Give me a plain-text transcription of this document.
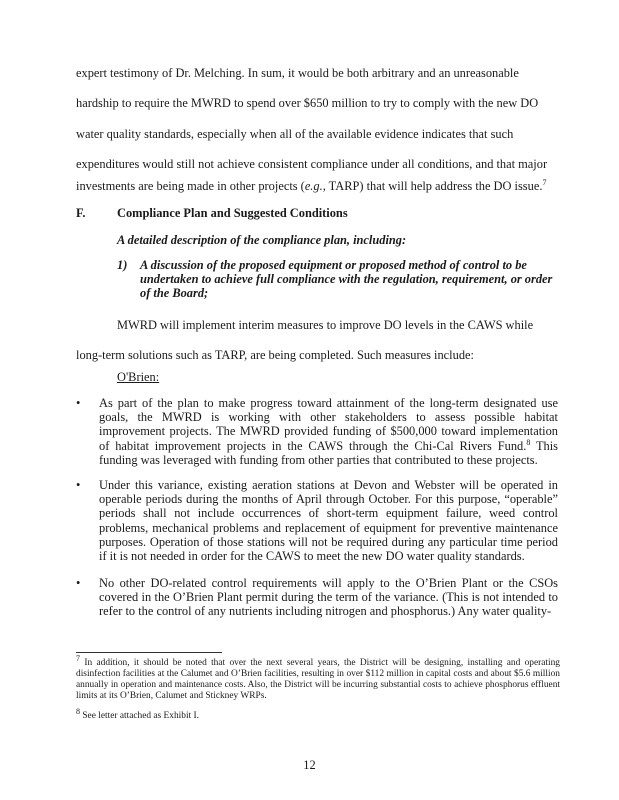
expert testimony of Dr. Melching. In sum, it would be both arbitrary and an unreasonable
hardship to require the MWRD to spend over $650 million to try to comply with the new DO
water quality standards, especially when all of the available evidence indicates that such
expenditures would still not achieve consistent compliance under all conditions, and that major
investments are being made in other projects (e.g., TARP) that will help address the DO issue.$^7$
F.	Compliance Plan and Suggested Conditions
A detailed description of the compliance plan, including:
1) A discussion of the proposed equipment or proposed method of control to be undertaken to achieve full compliance with the regulation, requirement, or order of the Board;
MWRD will implement interim measures to improve DO levels in the CAWS while
long-term solutions such as TARP, are being completed. Such measures include:
O'Brien:
•	As part of the plan to make progress toward attainment of the long-term designated use goals, the MWRD is working with other stakeholders to assess possible habitat improvement projects. The MWRD provided funding of $500,000 toward implementation of habitat improvement projects in the CAWS through the Chi-Cal Rivers Fund.$^8$ This funding was leveraged with funding from other parties that contributed to these projects.
•	Under this variance, existing aeration stations at Devon and Webster will be operated in operable periods during the months of April through October. For this purpose, “operable” periods shall not include occurrences of short-term equipment failure, weed control problems, mechanical problems and replacement of equipment for preventive maintenance purposes. Operation of those stations will not be required during any particular time period if it is not needed in order for the CAWS to meet the new DO water quality standards.
•	No other DO-related control requirements will apply to the O’Brien Plant or the CSOs covered in the O’Brien Plant permit during the term of the variance. (This is not intended to refer to the control of any nutrients including nitrogen and phosphorus.) Any water quality-
$^7$ In addition, it should be noted that over the next several years, the District will be designing, installing and operating disinfection facilities at the Calumet and O’Brien facilities, resulting in over $112 million in capital costs and about $5.6 million annually in operation and maintenance costs. Also, the District will be incurring substantial costs to achieve phosphorus effluent limits at its O’Brien, Calumet and Stickney WRPs.
$^8$ See letter attached as Exhibit I.
12
